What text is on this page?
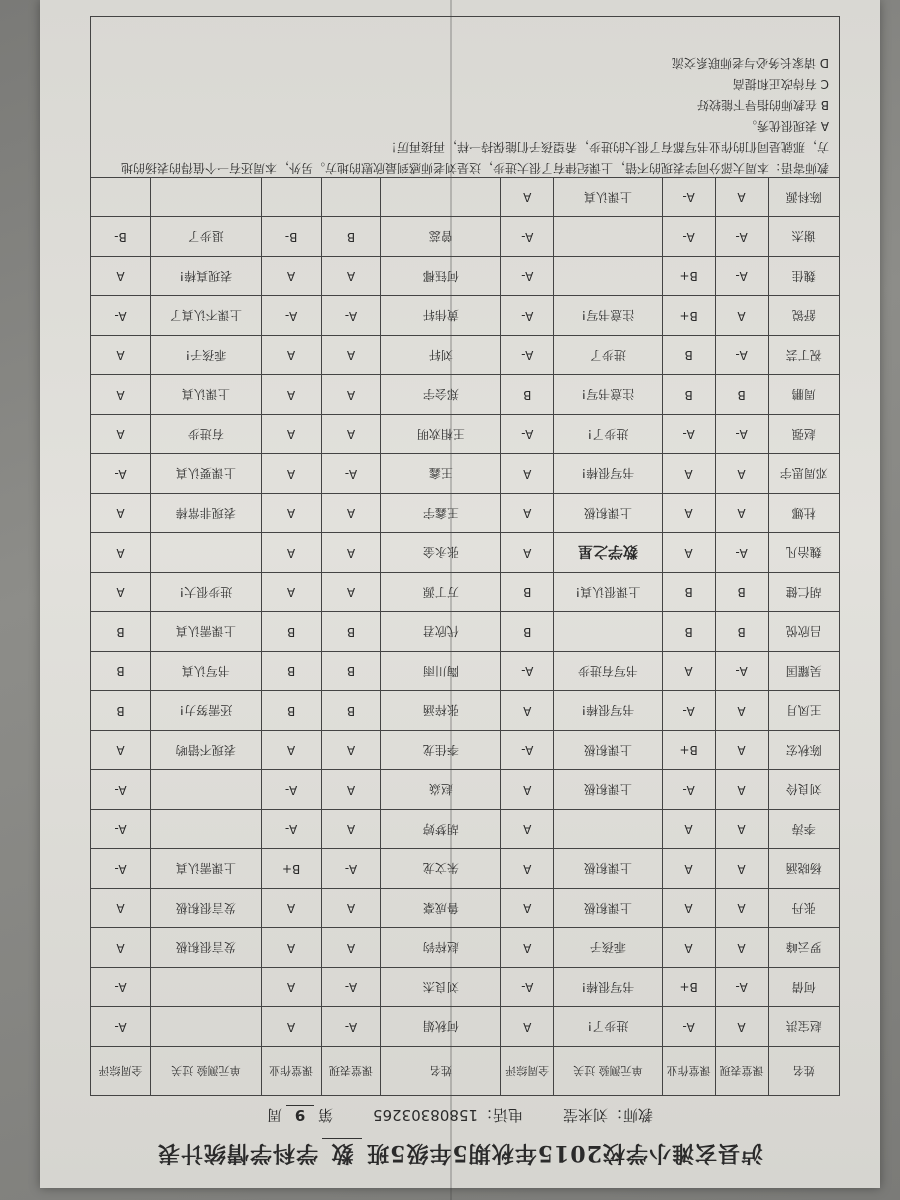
泸县玄滩小学校2015年秋期5年级5班数学科学情统计表
教师：刘来莹
电话：15808303265
第9周
姓名	课堂表现	课堂作业	单元测验 过关	全周综评	姓名	课堂表现	课堂作业	单元测验 过关	全周综评
赵宝洪	A	A-	进步了!	A	何秋娟	A-	A		A-
何倩	A-	B+	书写很棒!	A-	刘良杰	A-	A		A-
罗云峰	A	A	乖孩子	A	赵梓钧	A	A	发言很积极	A
张丹	A	A	上课积极	A	鲁成豪	A	A	发言很积极	A
杨晓涵	A	A	上课积极	A	朱文龙	A-	B+	上课需认真	A-
李涛	A	A		A	胡梦婷	A	A-		A-
刘良伶	A	A-	上课积极	A	赵焱	A	A-		A-
陈秋宏	A	B+	上课积极	A-	李佳龙	A	A	表现不错哟	A
王凤月	A	A-	书写很棒!	A	张梓涵	B	B	还需努力!	B
吴耀国	A-	A	书写有进步	A-	陶川雨	B	B	书写认真	B
吕欣悦	B	B		B	代欣君	B	B	上课需认真	B
胡仁健	B	B	上课很认真!	B	万丁源	A	A	进步很大!	A
魏治凡	A-	A	数学之星	A	张永金	A	A		A
杜娜	A	A	上课积极	A	王鑫宇	A	A	表现非常棒	A
邓周思宇	A	A	书写很棒!	A	王鑫	A-	A	上课要认真	A-
赵强	A-	A-	进步了!	A-	王相欢明	A	A	有进步	A
周鹏	B	B	注意书写!	B	郑会宇	A	A	上课认真	A
祝丁芸	A-	B	进步了	A-	刘轩	A	A	乖孩子!	A
舒锐	A	B+	注意书写!	A-	黄伟轩	A-	A-	上课不认真了	A-
魏佳	A-	B+		A-	何钰椰	A	A	表现真棒!	A
谢杰	A-	A-		A-	曾蕊	B	B-	退步了	B-
陈科源	A	A-	上课认真	A					

教师寄语：本周大部分同学表现的不错，上课纪律有了很大进步，这是刘老师感到最欣慰的地方。另外，本周还有一个值得的表扬的地方，那就是同们的作业书写都有了很大的进步，希望孩子们能保持一样，再接再厉！

A 表现很优秀。

B 在教师的指导下能较好

C 有待改正和提高

D 请家长务必与老师联系交流
